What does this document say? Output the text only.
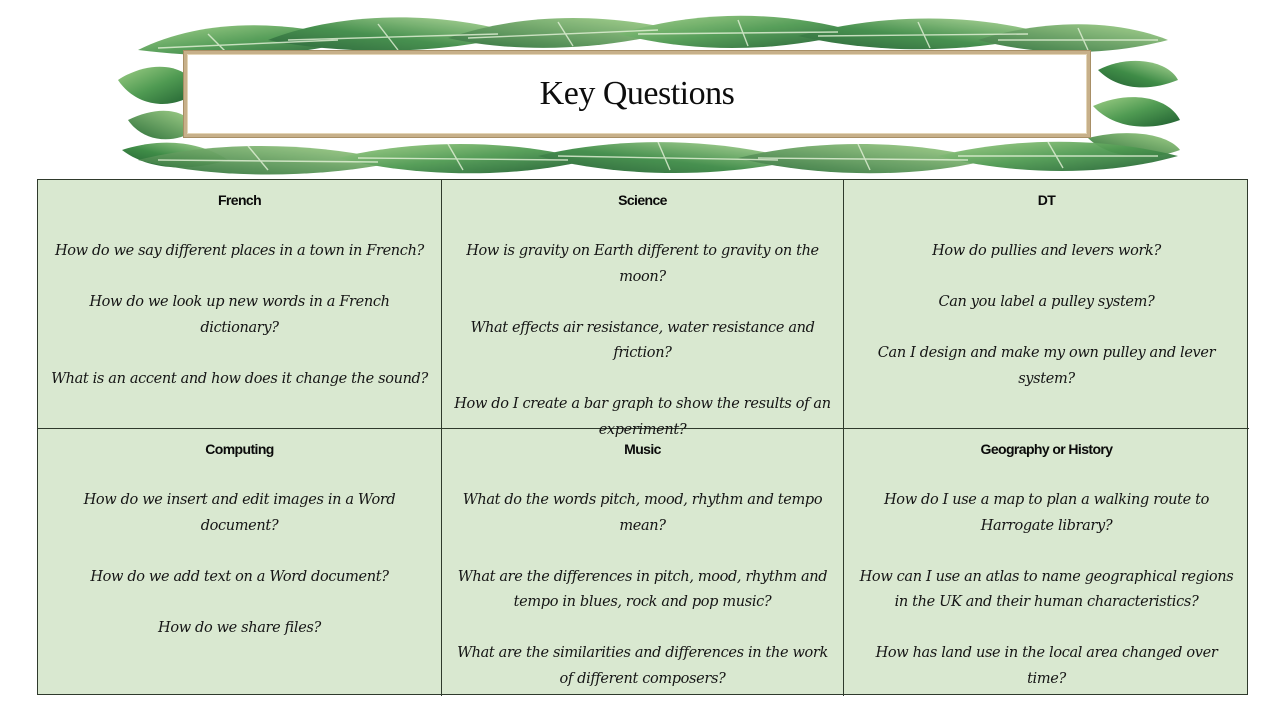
Key Questions
French
How do we say different places in a town in French?
How do we look up new words in a French dictionary?
What is an accent and how does it change the sound?
Science
How is gravity on Earth different to gravity on the moon?
What effects air resistance, water resistance and friction?
How do I create a bar graph to show the results of an experiment?
DT
How do pullies and levers work?
Can you label a pulley system?
Can I design and make my own pulley and lever system?
Computing
How do we insert and edit images in a Word document?
How do we add text on a Word document?
How do we share files?
Music
What do the words pitch, mood, rhythm and tempo mean?
What are the differences in pitch, mood, rhythm and tempo in blues, rock and pop music?
What are the similarities and differences in the work of different composers?
Geography or History
How do I use a map to plan a walking route to Harrogate library?
How can I use an atlas to name geographical regions in the UK and their human characteristics?
How has land use in the local area changed over time?
